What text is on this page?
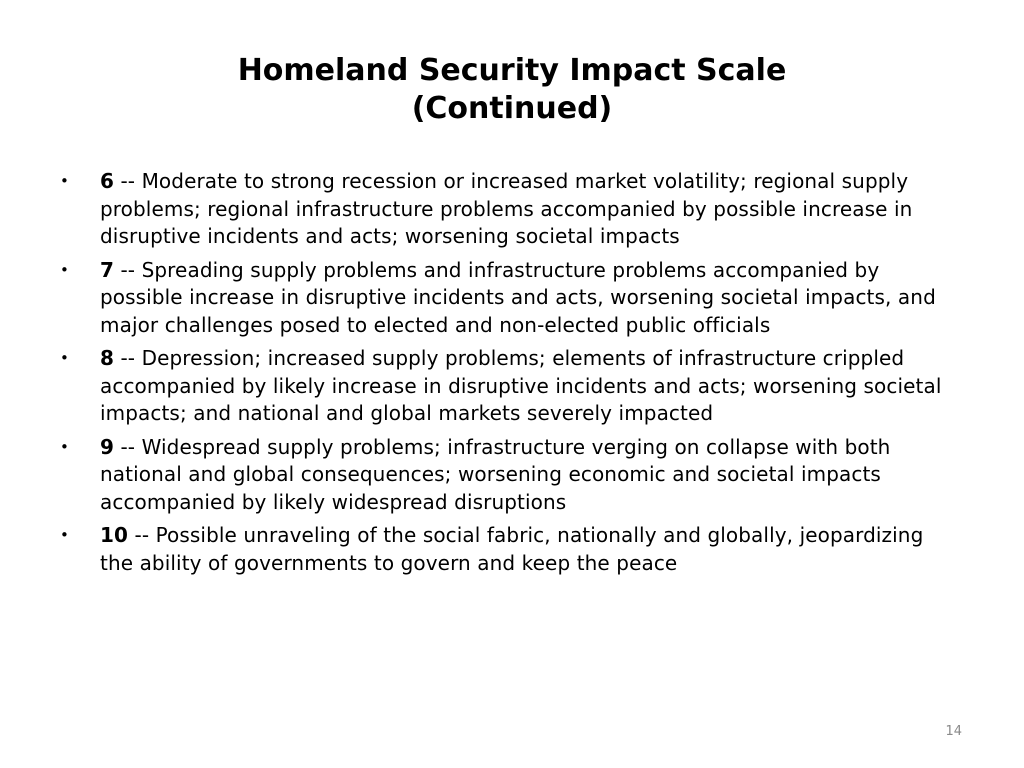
Homeland Security Impact Scale
(Continued)
• 6 -- Moderate to strong recession or increased market volatility; regional supply problems; regional infrastructure problems accompanied by possible increase in disruptive incidents and acts; worsening societal impacts
• 7 -- Spreading supply problems and infrastructure problems accompanied by possible increase in disruptive incidents and acts, worsening societal impacts, and major challenges posed to elected and non-elected public officials
• 8 -- Depression; increased supply problems; elements of infrastructure crippled accompanied by likely increase in disruptive incidents and acts; worsening societal impacts; and national and global markets severely impacted
• 9 -- Widespread supply problems; infrastructure verging on collapse with both national and global consequences; worsening economic and societal impacts accompanied by likely widespread disruptions
• 10 -- Possible unraveling of the social fabric, nationally and globally, jeopardizing the ability of governments to govern and keep the peace
14
